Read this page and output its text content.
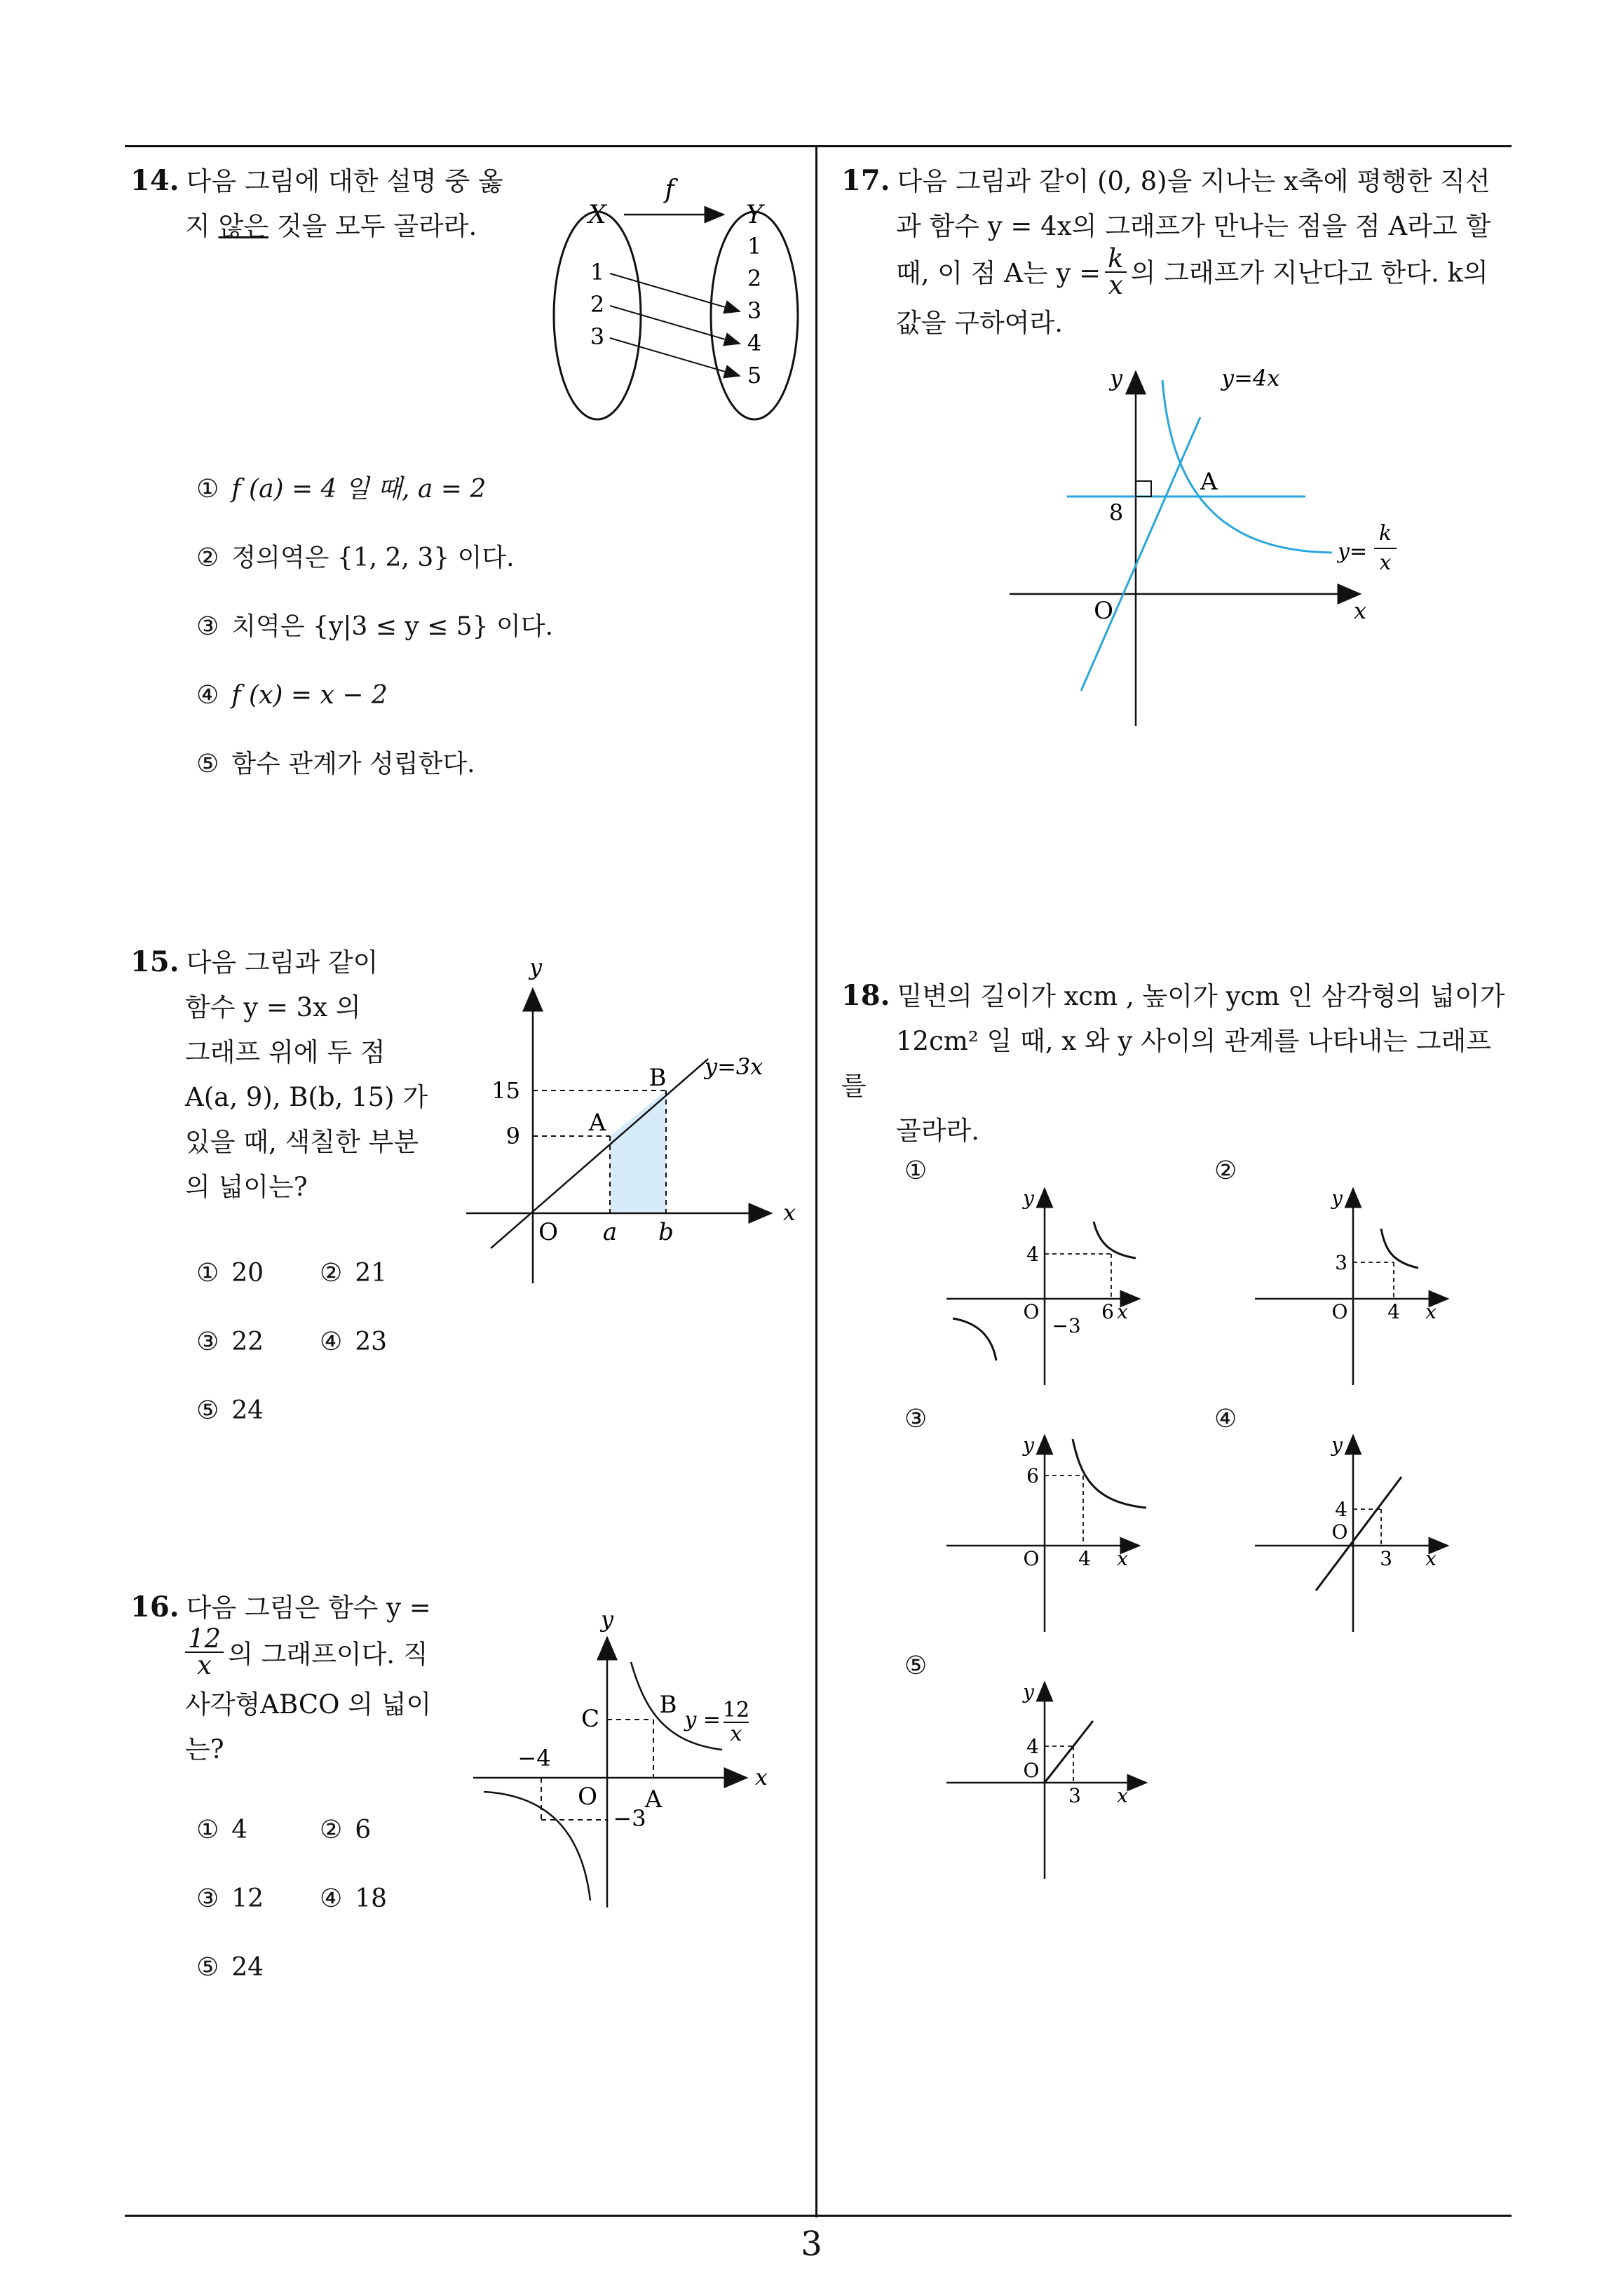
14. 다음 그림에 대한 설명 중 옳
지 않은 것을 모두 골라라.
f
X	Y
1
2
3
1
2
3
4
5
① f (a) = 4 일 때, a = 2
② 정의역은 {1, 2, 3} 이다.
③ 치역은 {y|3 ≤ y ≤ 5} 이다.
④ f (x) = x − 2
⑤ 함수 관계가 성립한다.
15. 다음 그림과 같이
함수 y = 3x 의
그래프 위에 두 점
A(a, 9), B(b, 15) 가
있을 때, 색칠한 부분
의 넓이는?
y
x
O a b
15
9	A
B y=3x
① 20 ② 21
③ 22 ④ 23
⑤ 24
16. 다음 그림은 함수 y =

$\frac{12}{x}$ 의 그래프이다. 직
사각형ABCO 의 넓이
는?
y
x
O
C	B
A
−4
−3
y = 12
x
① 4	② 6
③ 12 ④ 18
⑤ 24
17. 다음 그림과 같이 (0, 8)을 지나는 x축에 평행한 직선
과 함수 y = 4x의 그래프가 만나는 점을 점 A라고 할
때, 이 점 A는 $y = \frac{k}{x}$ 의 그래프가 지난다고 한다. k의
값을 구하여라.
y	y=4x
A
8
O	x
y=
k
x
18. 밑변의 길이가 xcm , 높이가 ycm 인 삼각형의 넓이가
12cm² 일 때, x 와 y 사이의 관계를 나타내는 그래프를
골라라.
①	②
③	④
⑤
y
4
O	6 x
−3
y
3
O 4 x
y
6
O 4 x
y
4
O
3 x
y
4
O
3 x
3
